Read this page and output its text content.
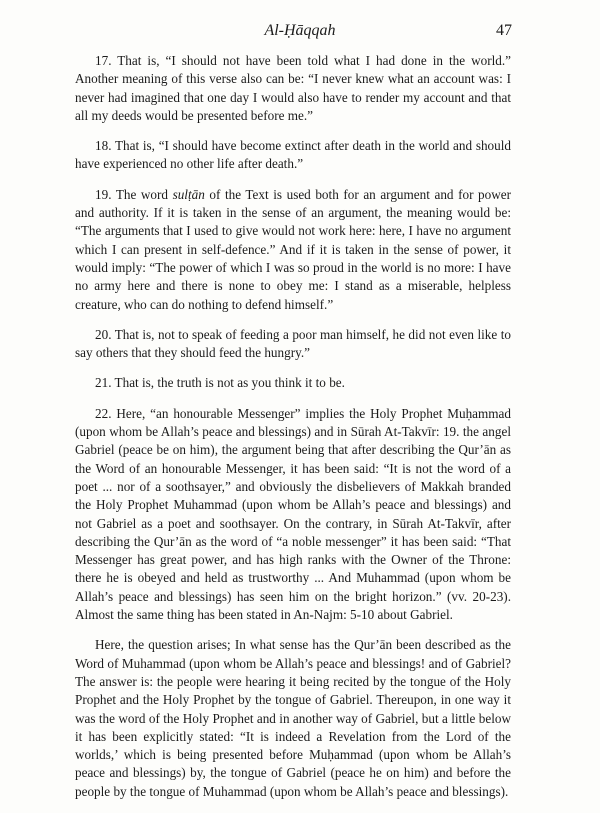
Al-Ḥāqqah	47

17. That is, “I should not have been told what I had done in the world.” Another meaning of this verse also can be: “I never knew what an account was: I never had imagined that one day I would also have to render my account and that all my deeds would be presented before me.”

18. That is, “I should have become extinct after death in the world and should have experienced no other life after death.”

19. The word sulṭān of the Text is used both for an argument and for power and authority. If it is taken in the sense of an argument, the meaning would be: “The arguments that I used to give would not work here: here, I have no argument which I can present in self-defence.” And if it is taken in the sense of power, it would imply: “The power of which I was so proud in the world is no more: I have no army here and there is none to obey me: I stand as a miserable, helpless creature, who can do nothing to defend himself.”

20. That is, not to speak of feeding a poor man himself, he did not even like to say others that they should feed the hungry.”

21. That is, the truth is not as you think it to be.

22. Here, “an honourable Messenger” implies the Holy Prophet Muḥammad (upon whom be Allah’s peace and blessings) and in Sūrah At-Takvīr: 19. the angel Gabriel (peace be on him), the argument being that after describing the Qur’ān as the Word of an honourable Messenger, it has been said: “It is not the word of a poet ... nor of a soothsayer,” and obviously the disbelievers of Makkah branded the Holy Prophet Muhammad (upon whom be Allah’s peace and blessings) and not Gabriel as a poet and soothsayer. On the contrary, in Sūrah At-Takvīr, after describing the Qur’ān as the word of “a noble messenger” it has been said: “That Messenger has great power, and has high ranks with the Owner of the Throne: there he is obeyed and held as trustworthy ... And Muhammad (upon whom be Allah’s peace and blessings) has seen him on the bright horizon.” (vv. 20-23). Almost the same thing has been stated in An-Najm: 5-10 about Gabriel.

Here, the question arises; In what sense has the Qur’ān been described as the Word of Muhammad (upon whom be Allah’s peace and blessings! and of Gabriel? The answer is: the people were hearing it being recited by the tongue of the Holy Prophet and the Holy Prophet by the tongue of Gabriel. Thereupon, in one way it was the word of the Holy Prophet and in another way of Gabriel, but a little below it has been explicitly stated: “It is indeed a Revelation from the Lord of the worlds,’ which is being presented before Muḥammad (upon whom be Allah’s peace and blessings) by, the tongue of Gabriel (peace he on him) and before the people by the tongue of Muhammad (upon whom be Allah’s peace and blessings).
